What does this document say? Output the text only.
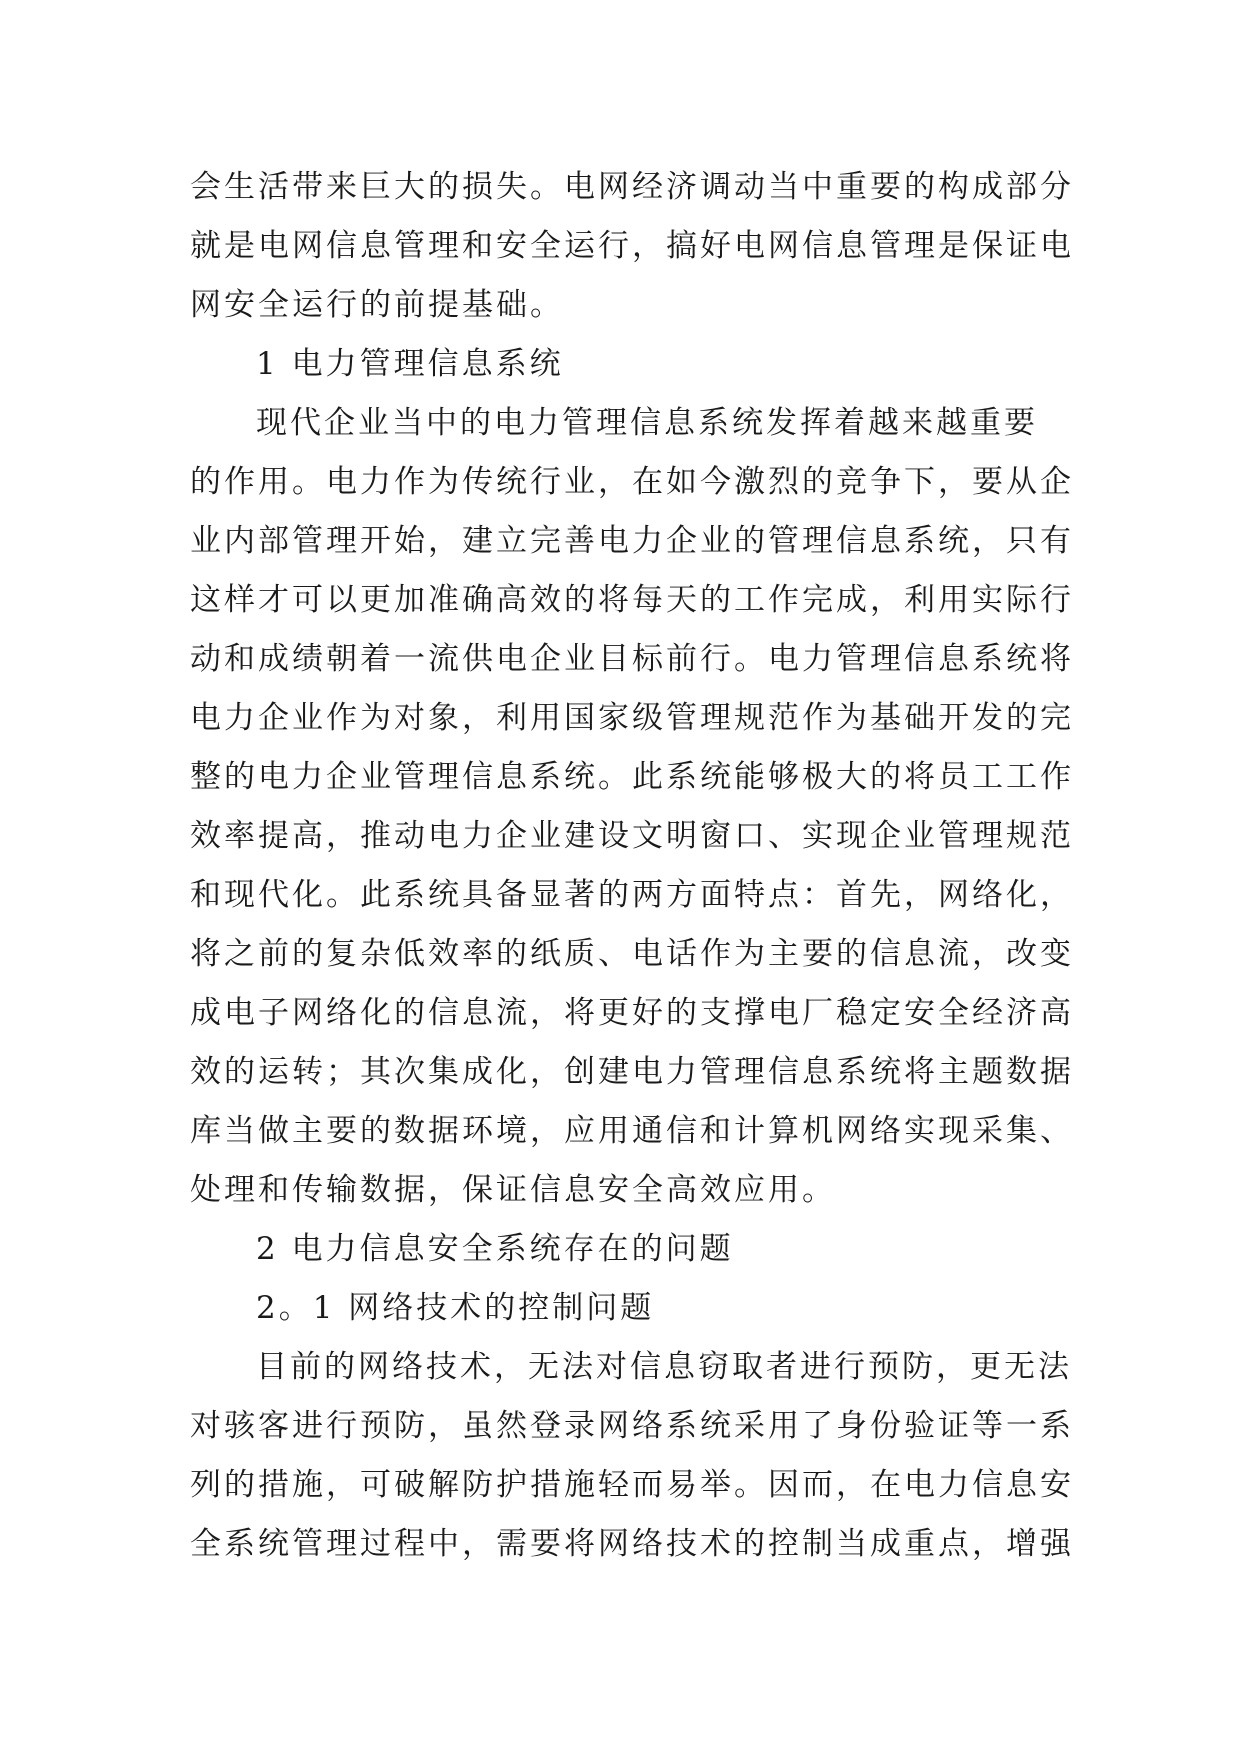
会生活带来巨大的损失。电网经济调动当中重要的构成部分
就是电网信息管理和安全运行，搞好电网信息管理是保证电
网安全运行的前提基础。
1 电力管理信息系统
现代企业当中的电力管理信息系统发挥着越来越重要
的作用。电力作为传统行业，在如今激烈的竞争下，要从企
业内部管理开始，建立完善电力企业的管理信息系统，只有
这样才可以更加准确高效的将每天的工作完成，利用实际行
动和成绩朝着一流供电企业目标前行。电力管理信息系统将
电力企业作为对象，利用国家级管理规范作为基础开发的完
整的电力企业管理信息系统。此系统能够极大的将员工工作
效率提高，推动电力企业建设文明窗口、实现企业管理规范
和现代化。此系统具备显著的两方面特点：首先，网络化，
将之前的复杂低效率的纸质、电话作为主要的信息流，改变
成电子网络化的信息流，将更好的支撑电厂稳定安全经济高
效的运转；其次集成化，创建电力管理信息系统将主题数据
库当做主要的数据环境，应用通信和计算机网络实现采集、
处理和传输数据，保证信息安全高效应用。
2 电力信息安全系统存在的问题
2。1 网络技术的控制问题
目前的网络技术，无法对信息窃取者进行预防，更无法
对骇客进行预防，虽然登录网络系统采用了身份验证等一系
列的措施，可破解防护措施轻而易举。因而，在电力信息安
全系统管理过程中，需要将网络技术的控制当成重点，增强
